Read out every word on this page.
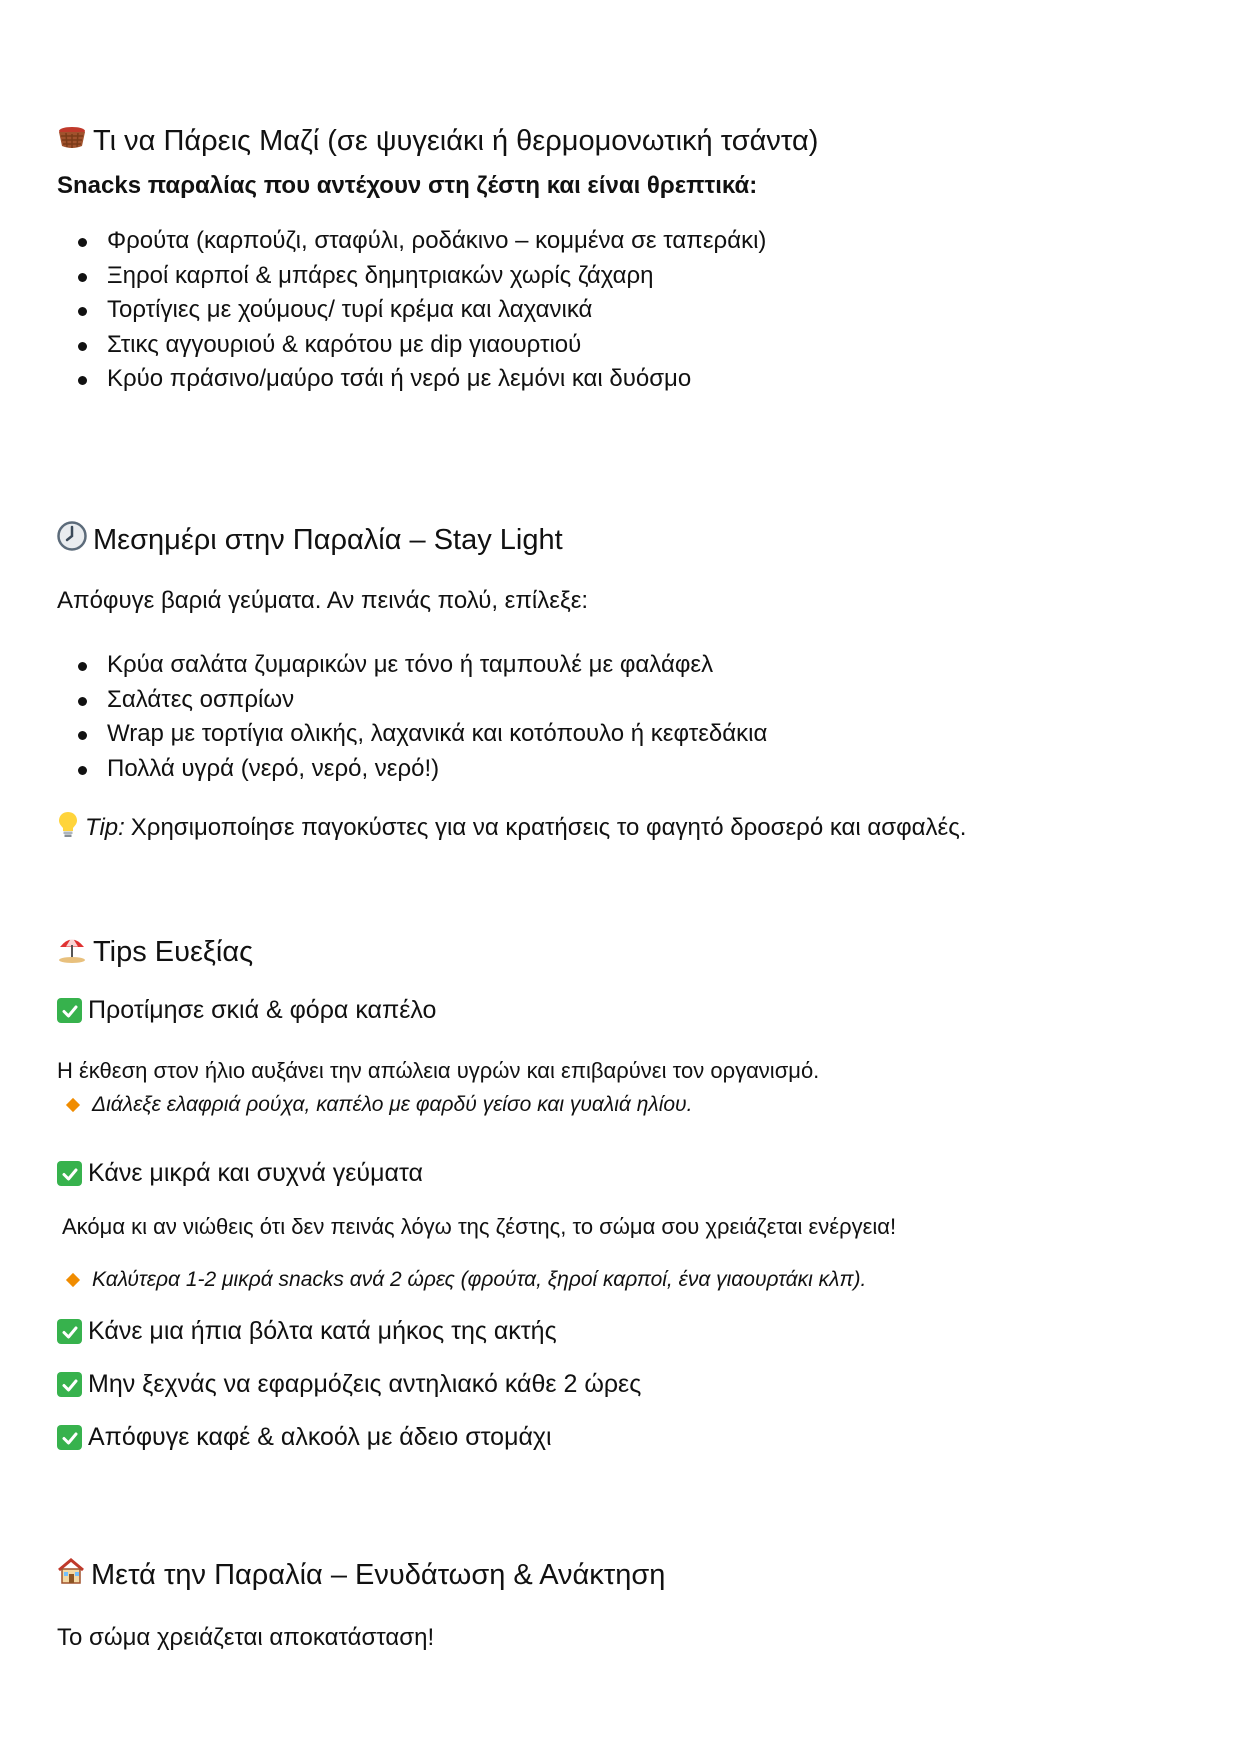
Τι να Πάρεις Μαζί (σε ψυγειάκι ή θερμομονωτική τσάντα)
Snacks παραλίας που αντέχουν στη ζέστη και είναι θρεπτικά:
Φρούτα (καρπούζι, σταφύλι, ροδάκινο – κομμένα σε ταπεράκι)
Ξηροί καρποί & μπάρες δημητριακών χωρίς ζάχαρη
Τορτίγιες με χούμους/ τυρί κρέμα και λαχανικά
Στικς αγγουριού & καρότου με dip γιαουρτιού
Κρύο πράσινο/μαύρο τσάι ή νερό με λεμόνι και δυόσμο
Μεσημέρι στην Παραλία – Stay Light
Απόφυγε βαριά γεύματα. Αν πεινάς πολύ, επίλεξε:
Κρύα σαλάτα ζυμαρικών με τόνο ή ταμπουλέ με φαλάφελ
Σαλάτες οσπρίων
Wrap με τορτίγια ολικής, λαχανικά και κοτόπουλο ή κεφτεδάκια
Πολλά υγρά (νερό, νερό, νερό!)
Tip: Χρησιμοποίησε παγοκύστες για να κρατήσεις το φαγητό δροσερό και ασφαλές.
Tips Ευεξίας
Προτίμησε σκιά & φόρα καπέλο
Η έκθεση στον ήλιο αυξάνει την απώλεια υγρών και επιβαρύνει τον οργανισμό.
Διάλεξε ελαφριά ρούχα, καπέλο με φαρδύ γείσο και γυαλιά ηλίου.
Κάνε μικρά και συχνά γεύματα
Ακόμα κι αν νιώθεις ότι δεν πεινάς λόγω της ζέστης, το σώμα σου χρειάζεται ενέργεια!
Καλύτερα 1-2 μικρά snacks ανά 2 ώρες (φρούτα, ξηροί καρποί, ένα γιαουρτάκι κλπ).
Κάνε μια ήπια βόλτα κατά μήκος της ακτής
Μην ξεχνάς να εφαρμόζεις αντηλιακό κάθε 2 ώρες
Απόφυγε καφέ & αλκοόλ με άδειο στομάχι
Μετά την Παραλία – Ενυδάτωση & Ανάκτηση
Το σώμα χρειάζεται αποκατάσταση!
